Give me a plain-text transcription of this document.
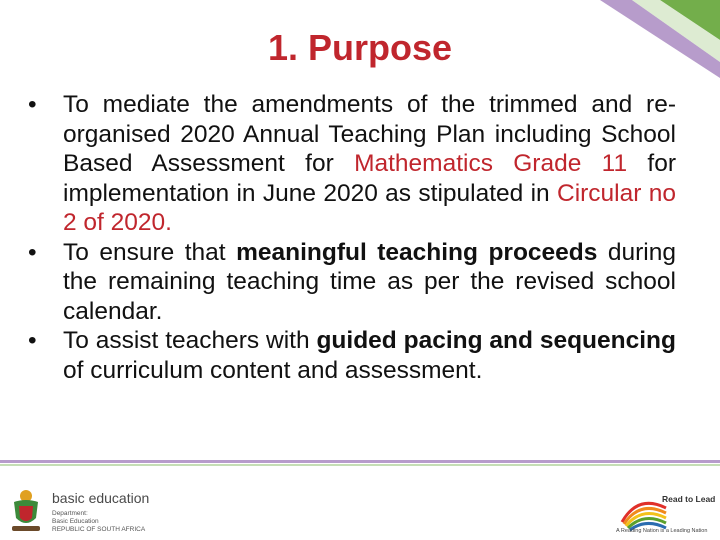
1. Purpose
• To mediate the amendments of the trimmed and re-organised 2020 Annual Teaching Plan including School Based Assessment for Mathematics Grade 11 for implementation in June 2020 as stipulated in Circular no 2 of 2020.
• To ensure that meaningful teaching proceeds during the remaining teaching time as per the revised school calendar.
• To assist teachers with guided pacing and sequencing of curriculum content and assessment.
basic education
Department:
Basic Education
REPUBLIC OF SOUTH AFRICA
Read to Lead
A Reading Nation is a Leading Nation
